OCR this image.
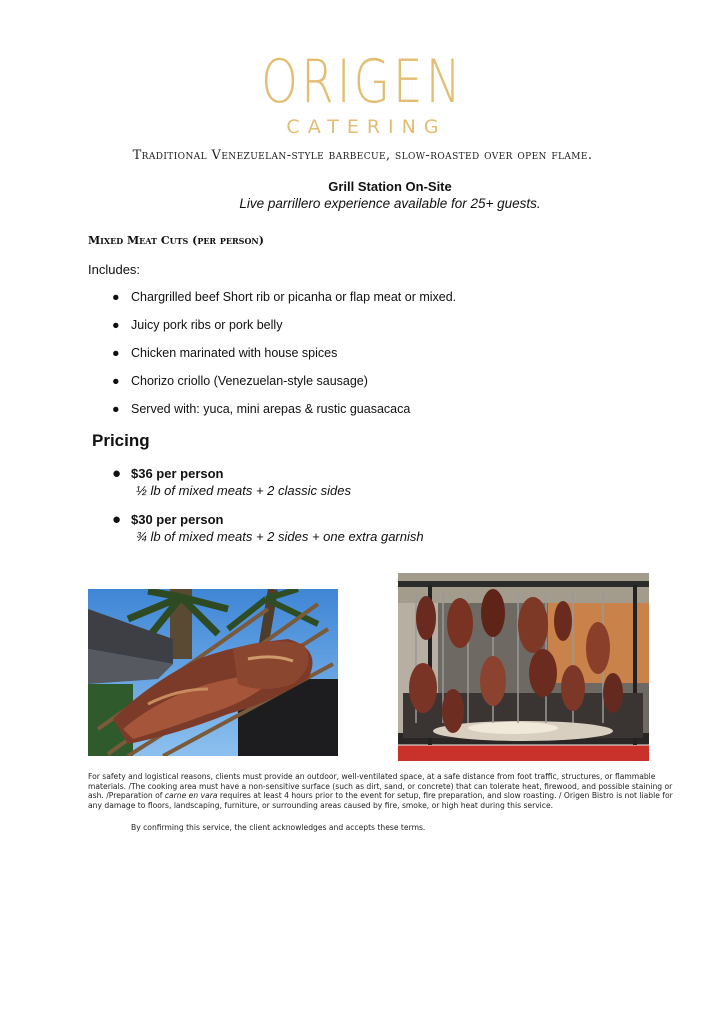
ORIGEN
CATERING
Traditional Venezuelan-style barbecue, slow-roasted over open flame.
Grill Station On-Site
Live parrillero experience available for 25+ guests.
Mixed Meat Cuts (per person)
Includes:
● Chargrilled beef Short rib or picanha or flap meat or mixed.
● Juicy pork ribs or pork belly
● Chicken marinated with house spices
● Chorizo criollo (Venezuelan-style sausage)
● Served with: yuca, mini arepas & rustic guasacaca
Pricing
● $36 per person
½ lb of mixed meats + 2 classic sides
● $30 per person
¾ lb of mixed meats + 2 sides + one extra garnish
For safety and logistical reasons, clients must provide an outdoor, well-ventilated space, at a safe distance from foot traffic, structures, or flammable materials. /The cooking area must have a non-sensitive surface (such as dirt, sand, or concrete) that can tolerate heat, firewood, and possible staining or ash. /Preparation of carne en vara requires at least 4 hours prior to the event for setup, fire preparation, and slow roasting. / Origen Bistro is not liable for any damage to floors, landscaping, furniture, or surrounding areas caused by fire, smoke, or high heat during this service.
By confirming this service, the client acknowledges and accepts these terms.
